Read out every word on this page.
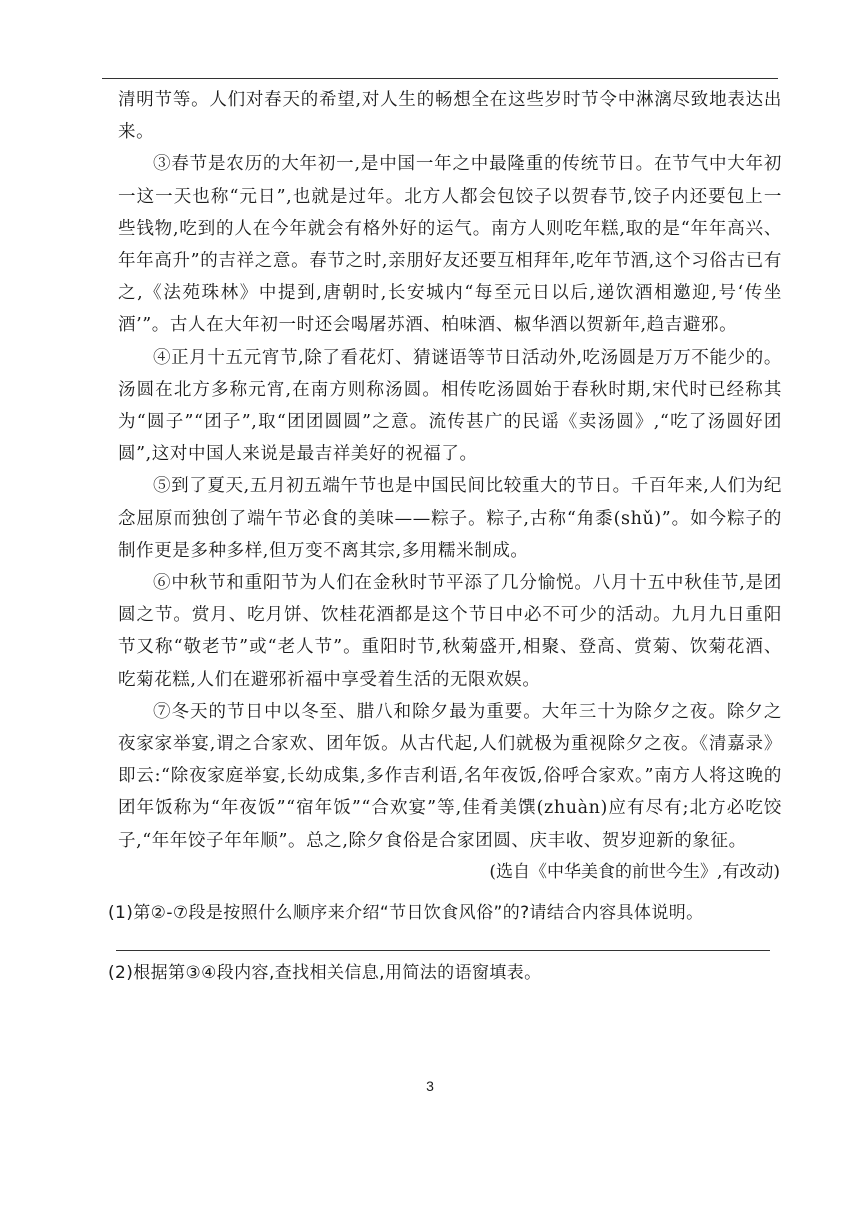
清明节等。人们对春天的希望,对人生的畅想全在这些岁时节令中淋漓尽致地表达出来。

③春节是农历的大年初一,是中国一年之中最隆重的传统节日。在节气中大年初一这一天也称“元日”,也就是过年。北方人都会包饺子以贺春节,饺子内还要包上一些钱物,吃到的人在今年就会有格外好的运气。南方人则吃年糕,取的是“年年高兴、年年高升”的吉祥之意。春节之时,亲朋好友还要互相拜年,吃年节酒,这个习俗古已有之,《法苑珠林》中提到,唐朝时,长安城内“每至元日以后,递饮酒相邀迎,号‘传坐酒’”。古人在大年初一时还会喝屠苏酒、柏味酒、椒华酒以贺新年,趋吉避邪。

④正月十五元宵节,除了看花灯、猜谜语等节日活动外,吃汤圆是万万不能少的。汤圆在北方多称元宵,在南方则称汤圆。相传吃汤圆始于春秋时期,宋代时已经称其为“圆子”“团子”,取“团团圆圆”之意。流传甚广的民谣《卖汤圆》,“吃了汤圆好团圆”,这对中国人来说是最吉祥美好的祝福了。

⑤到了夏天,五月初五端午节也是中国民间比较重大的节日。千百年来,人们为纪念屈原而独创了端午节必食的美味——粽子。粽子,古称“角黍(shǔ)”。如今粽子的制作更是多种多样,但万变不离其宗,多用糯米制成。

⑥中秋节和重阳节为人们在金秋时节平添了几分愉悦。八月十五中秋佳节,是团圆之节。赏月、吃月饼、饮桂花酒都是这个节日中必不可少的活动。九月九日重阳节又称“敬老节”或“老人节”。重阳时节,秋菊盛开,相聚、登高、赏菊、饮菊花酒、吃菊花糕,人们在避邪祈福中享受着生活的无限欢娱。

⑦冬天的节日中以冬至、腊八和除夕最为重要。大年三十为除夕之夜。除夕之夜家家举宴,谓之合家欢、团年饭。从古代起,人们就极为重视除夕之夜。《清嘉录》即云:“除夜家庭举宴,长幼成集,多作吉利语,名年夜饭,俗呼合家欢。”南方人将这晚的团年饭称为“年夜饭”“宿年饭”“合欢宴”等,佳肴美馔(zhuàn)应有尽有;北方必吃饺子,“年年饺子年年顺”。总之,除夕食俗是合家团圆、庆丰收、贺岁迎新的象征。

(选自《中华美食的前世今生》,有改动)
(1)第②-⑦段是按照什么顺序来介绍“节日饮食风俗”的?请结合内容具体说明。
(2)根据第③④段内容,查找相关信息,用简法的语窗填表。
3
